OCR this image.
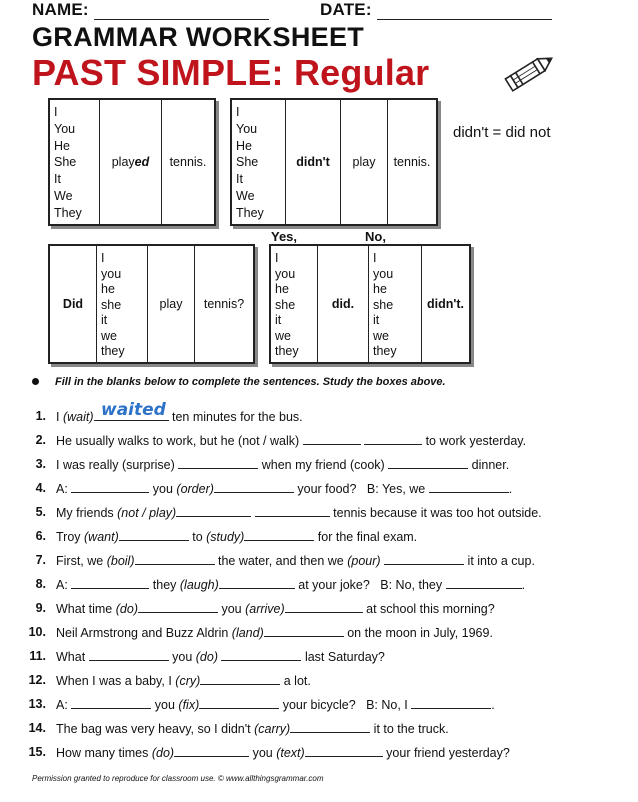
NAME:	DATE:
GRAMMAR WORKSHEET
PAST SIMPLE: Regular
I
You
He
She
It
We
They
played tennis.
I
You
He
She
It
We
They
didn't play tennis.
didn't = did not
Did
I
you
he
she
it
we
they
play tennis?
Yes,	No,
I
you
he
she
it
we
they
did.
I
you
he
she
it
we
they
didn't.
Fill in the blanks below to complete the sentences. Study the boxes above.
1. I (wait)	ten minutes for the bus.
2. He usually walks to work, but he (not / walk)	to work yesterday.
3. I was really (surprise)	when my friend (cook)	dinner.
4. A:	you (order)	your food?   B: Yes, we	.
5. My friends (not / play)	tennis because it was too hot outside.
6. Troy (want)	to (study)	for the final exam.
7. First, we (boil)	the water, and then we (pour)	it into a cup.
8. A:	they (laugh)	at your joke?   B: No, they	.
9. What time (do)	you (arrive)	at school this morning?
10. Neil Armstrong and Buzz Aldrin (land)	on the moon in July, 1969.
11. What	you (do)	last Saturday?
12. When I was a baby, I (cry)	a lot.
13. A:	you (fix)	your bicycle?   B: No, I	.
14. The bag was very heavy, so I didn't (carry)	it to the truck.
15. How many times (do)	you (text)	your friend yesterday?
waited
Permission granted to reproduce for classroom use. © www.allthingsgrammar.com
